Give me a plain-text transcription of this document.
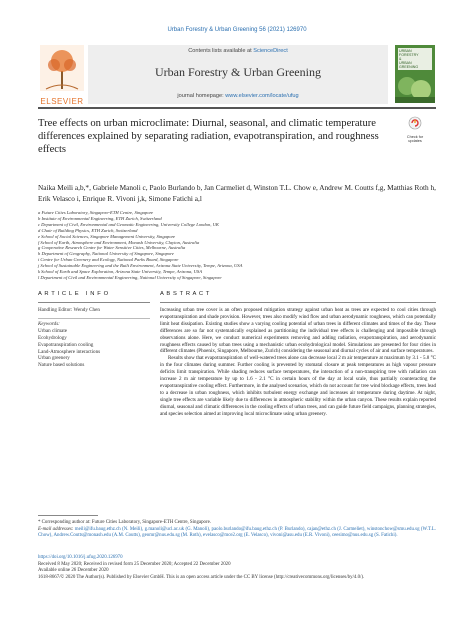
Urban Forestry & Urban Greening 56 (2021) 126970
ELSEVIER
Contents lists available at ScienceDirect
Urban Forestry & Urban Greening
journal homepage: www.elsevier.com/locate/ufug
URBAN
FORESTRY
&
URBAN
GREENING
Check for
updates
Tree effects on urban microclimate: Diurnal, seasonal, and climatic temperature differences explained by separating radiation, evapotranspiration, and roughness effects
Naika Meili a,b,*, Gabriele Manoli c, Paolo Burlando b, Jan Carmeliet d, Winston T.L. Chow e, Andrew M. Coutts f,g, Matthias Roth h, Erik Velasco i, Enrique R. Vivoni j,k, Simone Fatichi a,l
a Future Cities Laboratory, Singapore-ETH Centre, Singapore
b Institute of Environmental Engineering, ETH Zurich, Switzerland
c Department of Civil, Environmental and Geomatic Engineering, University College London, UK
d Chair of Building Physics, ETH Zurich, Switzerland
e School of Social Sciences, Singapore Management University, Singapore
f School of Earth, Atmosphere and Environment, Monash University, Clayton, Australia
g Cooperative Research Centre for Water Sensitive Cities, Melbourne, Australia
h Department of Geography, National University of Singapore, Singapore
i Centre for Urban Greenery and Ecology, National Parks Board, Singapore
j School of Sustainable Engineering and the Built Environment, Arizona State University, Tempe, Arizona, USA
k School of Earth and Space Exploration, Arizona State University, Tempe, Arizona, USA
l Department of Civil and Environmental Engineering, National University of Singapore, Singapore
A R T I C L E   I N F O	A B S T R A C T
Handling Editor: Wendy Chen
Keywords:
Urban climate
Ecohydrology
Evapotranspiration cooling
Land-Atmosphere interactions
Urban greenery
Nature based solutions

Increasing urban tree cover is an often proposed mitigation strategy against urban heat as trees are expected to cool cities through evapotranspiration and shade provision. However, trees also modify wind flow and urban aerodynamic roughness, which can potentially limit heat dissipation. Existing studies show a varying cooling potential of urban trees in different climates and times of the day. These differences are so far not systematically explained as partitioning the individual tree effects is challenging and impossible through observations alone. Here, we conduct numerical experiments removing and adding radiation, evapotranspiration, and aerodynamic roughness effects caused by urban trees using a mechanistic urban ecohydrological model. Simulations are presented for four cities in different climates (Phoenix, Singapore, Melbourne, Zurich) considering the seasonal and diurnal cycles of air and surface temperatures.

Results show that evapotranspiration of well-watered trees alone can decrease local 2 m air temperature at maximum by 3.1 - 5.8 °C in the four climates during summer. Further cooling is prevented by stomatal closure at peak temperatures as high vapour pressure deficits limit transpiration. While shading reduces surface temperatures, the interaction of a non-transpiring tree with radiation can increase 2 m air temperature by up to 1.6 - 2.1 °C in certain hours of the day at local scale, thus partially counteracting the evapotranspirative cooling effect. Furthermore, in the analysed scenarios, which do not account for tree wind blockage effects, trees lead to a decrease in urban roughness, which inhibits turbulent energy exchange and increases air temperature during daytime. At night, single tree effects are variable likely due to differences in atmospheric stability within the urban canyon. These results explain reported diurnal, seasonal and climatic differences in the cooling effects of urban trees, and can guide future field campaigns, planning strategies, and species selection aimed at improving local microclimate using urban greenery.

* Corresponding author at: Future Cities Laboratory, Singapore-ETH Centre, Singapore.
E-mail addresses: meili@ifu.baug.ethz.ch (N. Meili), g.manoli@ucl.ac.uk (G. Manoli), paolo.burlando@ifu.baug.ethz.ch (P. Burlando), cajan@ethz.ch (J. Carmeliet), winstonchow@smu.edu.sg (W.T.L. Chow), Andrew.Coutts@monash.edu (A.M. Coutts), geomr@nus.edu.sg (M. Roth), evelasco@mce2.org (E. Velasco), vivoni@asu.edu (E.R. Vivoni), ceesimo@nus.edu.sg (S. Fatichi).
https://doi.org/10.1016/j.ufug.2020.126970
Received 8 May 2020; Received in revised form 25 December 2020; Accepted 22 December 2020
Available online 26 December 2020
1618-8667/© 2020 The Author(s). Published by Elsevier GmbH. This is an open access article under the CC BY license (http://creativecommons.org/licenses/by/4.0/).
